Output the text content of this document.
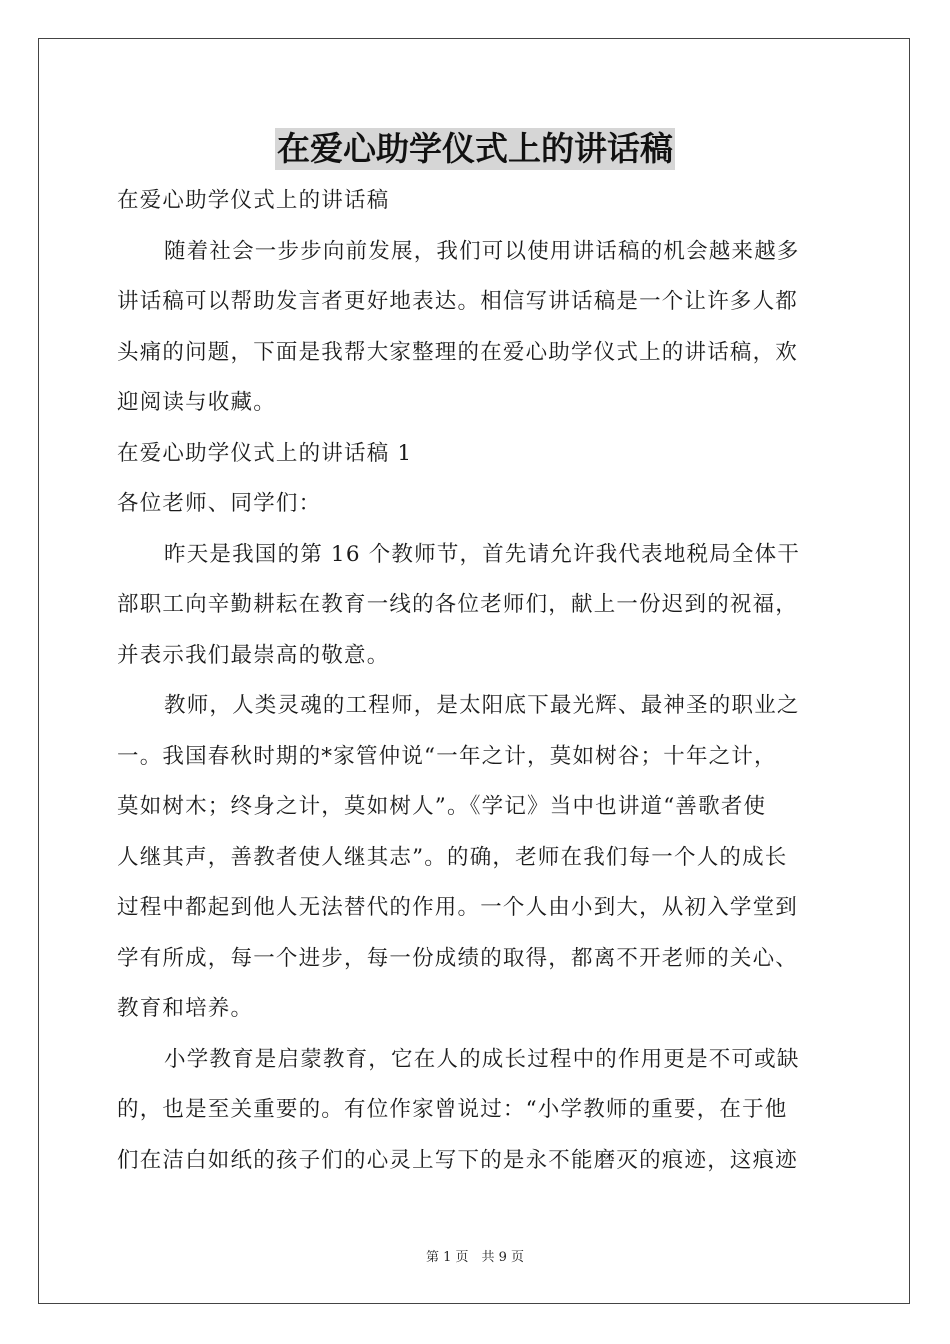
在爱心助学仪式上的讲话稿
在爱心助学仪式上的讲话稿

随着社会一步步向前发展，我们可以使用讲话稿的机会越来越多
讲话稿可以帮助发言者更好地表达。相信写讲话稿是一个让许多人都
头痛的问题，下面是我帮大家整理的在爱心助学仪式上的讲话稿，欢
迎阅读与收藏。

在爱心助学仪式上的讲话稿 1
各位老师、同学们：

昨天是我国的第 16 个教师节，首先请允许我代表地税局全体干
部职工向辛勤耕耘在教育一线的各位老师们，献上一份迟到的祝福，
并表示我们最崇高的敬意。

教师，人类灵魂的工程师，是太阳底下最光辉、最神圣的职业之
一。我国春秋时期的*家管仲说“一年之计，莫如树谷；十年之计，
莫如树木；终身之计，莫如树人”。《学记》当中也讲道“善歌者使
人继其声，善教者使人继其志”。的确，老师在我们每一个人的成长
过程中都起到他人无法替代的作用。一个人由小到大，从初入学堂到
学有所成，每一个进步，每一份成绩的取得，都离不开老师的关心、
教育和培养。

小学教育是启蒙教育，它在人的成长过程中的作用更是不可或缺
的，也是至关重要的。有位作家曾说过：“小学教师的重要，在于他
们在洁白如纸的孩子们的心灵上写下的是永不能磨灭的痕迹，这痕迹

第 1 页　共 9 页
